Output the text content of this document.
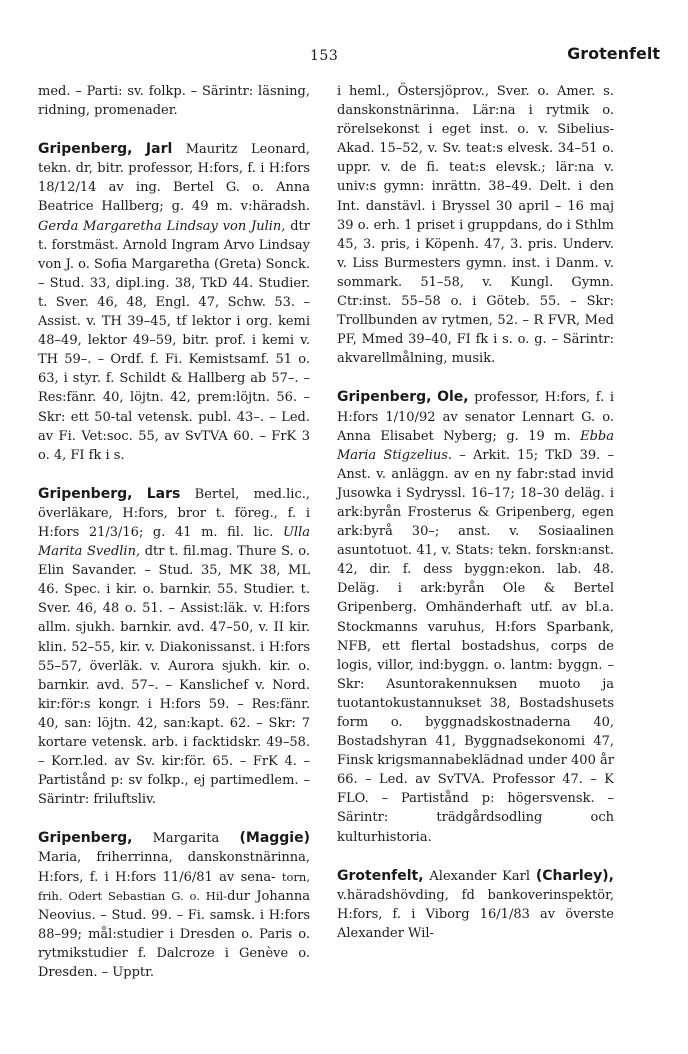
153	Grotenfelt

med. – Parti: sv. folkp. – Särintr: läsning, ridning, promenader.

Gripenberg, Jarl Mauritz Leonard, tekn. dr, bitr. professor, H:fors, f. i H:fors 18/12/14 av ing. Bertel G. o. Anna Beatrice Hallberg; g. 49 m. v:häradsh. Gerda Margaretha Lindsay von Julin, dtr t. forstmäst. Arnold Ingram Arvo Lindsay von J. o. Sofia Margaretha (Greta) Sonck. – Stud. 33, dipl.ing. 38, TkD 44. Studier. t. Sver. 46, 48, Engl. 47, Schw. 53. – Assist. v. TH 39–45, tf lektor i org. kemi 48–49, lektor 49–59, bitr. prof. i kemi v. TH 59–. – Ordf. f. Fi. Kemistsamf. 51 o. 63, i styr. f. Schildt & Hallberg ab 57–. – Res:fänr. 40, löjtn. 42, prem:löjtn. 56. – Skr: ett 50-tal vetensk. publ. 43–. – Led. av Fi. Vet:soc. 55, av SvTVA 60. – FrK 3 o. 4, FI fk i s.

Gripenberg, Lars Bertel, med.lic., överläkare, H:fors, bror t. föreg., f. i H:fors 21/3/16; g. 41 m. fil. lic. Ulla Marita Svedlin, dtr t. fil.mag. Thure S. o. Elin Savander. – Stud. 35, MK 38, ML 46. Spec. i kir. o. barnkir. 55. Studier. t. Sver. 46, 48 o. 51. – Assist:läk. v. H:fors allm. sjukh. barnkir. avd. 47–50, v. II kir. klin. 52–55, kir. v. Diakonissanst. i H:fors 55–57, överläk. v. Aurora sjukh. kir. o. barnkir. avd. 57–. – Kanslichef v. Nord. kir:för:s kongr. i H:fors 59. – Res:fänr. 40, san: löjtn. 42, san:kapt. 62. – Skr: 7 kortare vetensk. arb. i facktidskr. 49–58. – Korr.led. av Sv. kir:för. 65. – FrK 4. – Partistånd p: sv folkp., ej partimedlem. – Särintr: friluftsliv.

Gripenberg, Margarita (Maggie) Maria, friherrinna, danskonstnärinna, H:fors, f. i H:fors 11/6/81 av sena- torn, frih. Odert Sebastian G. o. Hil-dur Johanna Neovius. – Stud. 99. – Fi. samsk. i H:fors 88–99; mål:studier i Dresden o. Paris o. rytmikstudier f. Dalcroze i Genève o. Dresden. – Upptr.

i heml., Östersjöprov., Sver. o. Amer. s. danskonstnärinna. Lär:na i rytmik o. rörelsekonst i eget inst. o. v. Sibelius-Akad. 15–52, v. Sv. teat:s elvesk. 34–51 o. uppr. v. de fi. teat:s elevsk.; lär:na v. univ:s gymn: inrättn. 38–49. Delt. i den Int. danstävl. i Bryssel 30 april – 16 maj 39 o. erh. 1 priset i gruppdans, do i Sthlm 45, 3. pris, i Köpenh. 47, 3. pris. Underv. v. Liss Burmesters gymn. inst. i Danm. v. sommark. 51–58, v. Kungl. Gymn. Ctr:inst. 55–58 o. i Göteb. 55. – Skr: Trollbunden av rytmen, 52. – R FVR, Med PF, Mmed 39–40, FI fk i s. o. g. – Särintr: akvarellmålning, musik.

Gripenberg, Ole, professor, H:fors, f. i H:fors 1/10/92 av senator Lennart G. o. Anna Elisabet Nyberg; g. 19 m. Ebba Maria Stigzelius. – Arkit. 15; TkD 39. – Anst. v. anläggn. av en ny fabr:stad invid Jusowka i Sydryssl. 16–17; 18–30 deläg. i ark:byrån Frosterus & Gripenberg, egen ark:byrå 30–; anst. v. Sosiaalinen asuntotuot. 41, v. Stats: tekn. forskn:anst. 42, dir. f. dess byggn:ekon. lab. 48. Deläg. i ark:byrån Ole & Bertel Gripenberg. Omhänderhaft utf. av bl.a. Stockmanns varuhus, H:fors Sparbank, NFB, ett flertal bostadshus, corps de logis, villor, ind:byggn. o. lantm: byggn. – Skr: Asuntorakennuksen muoto ja tuotantokustannukset 38, Bostadshusets form o. byggnadskostnaderna 40, Bostadshyran 41, Byggnadsekonomi 47, Finsk krigsmannabeklädnad under 400 år 66. – Led. av SvTVA. Professor 47. – K FLO. – Partistånd p: högersvensk. – Särintr: trädgårdsodling och kulturhistoria.

Grotenfelt, Alexander Karl (Charley), v.häradshövding, fd bankoverinspektör, H:fors, f. i Viborg 16/1/83 av överste Alexander Wil-
